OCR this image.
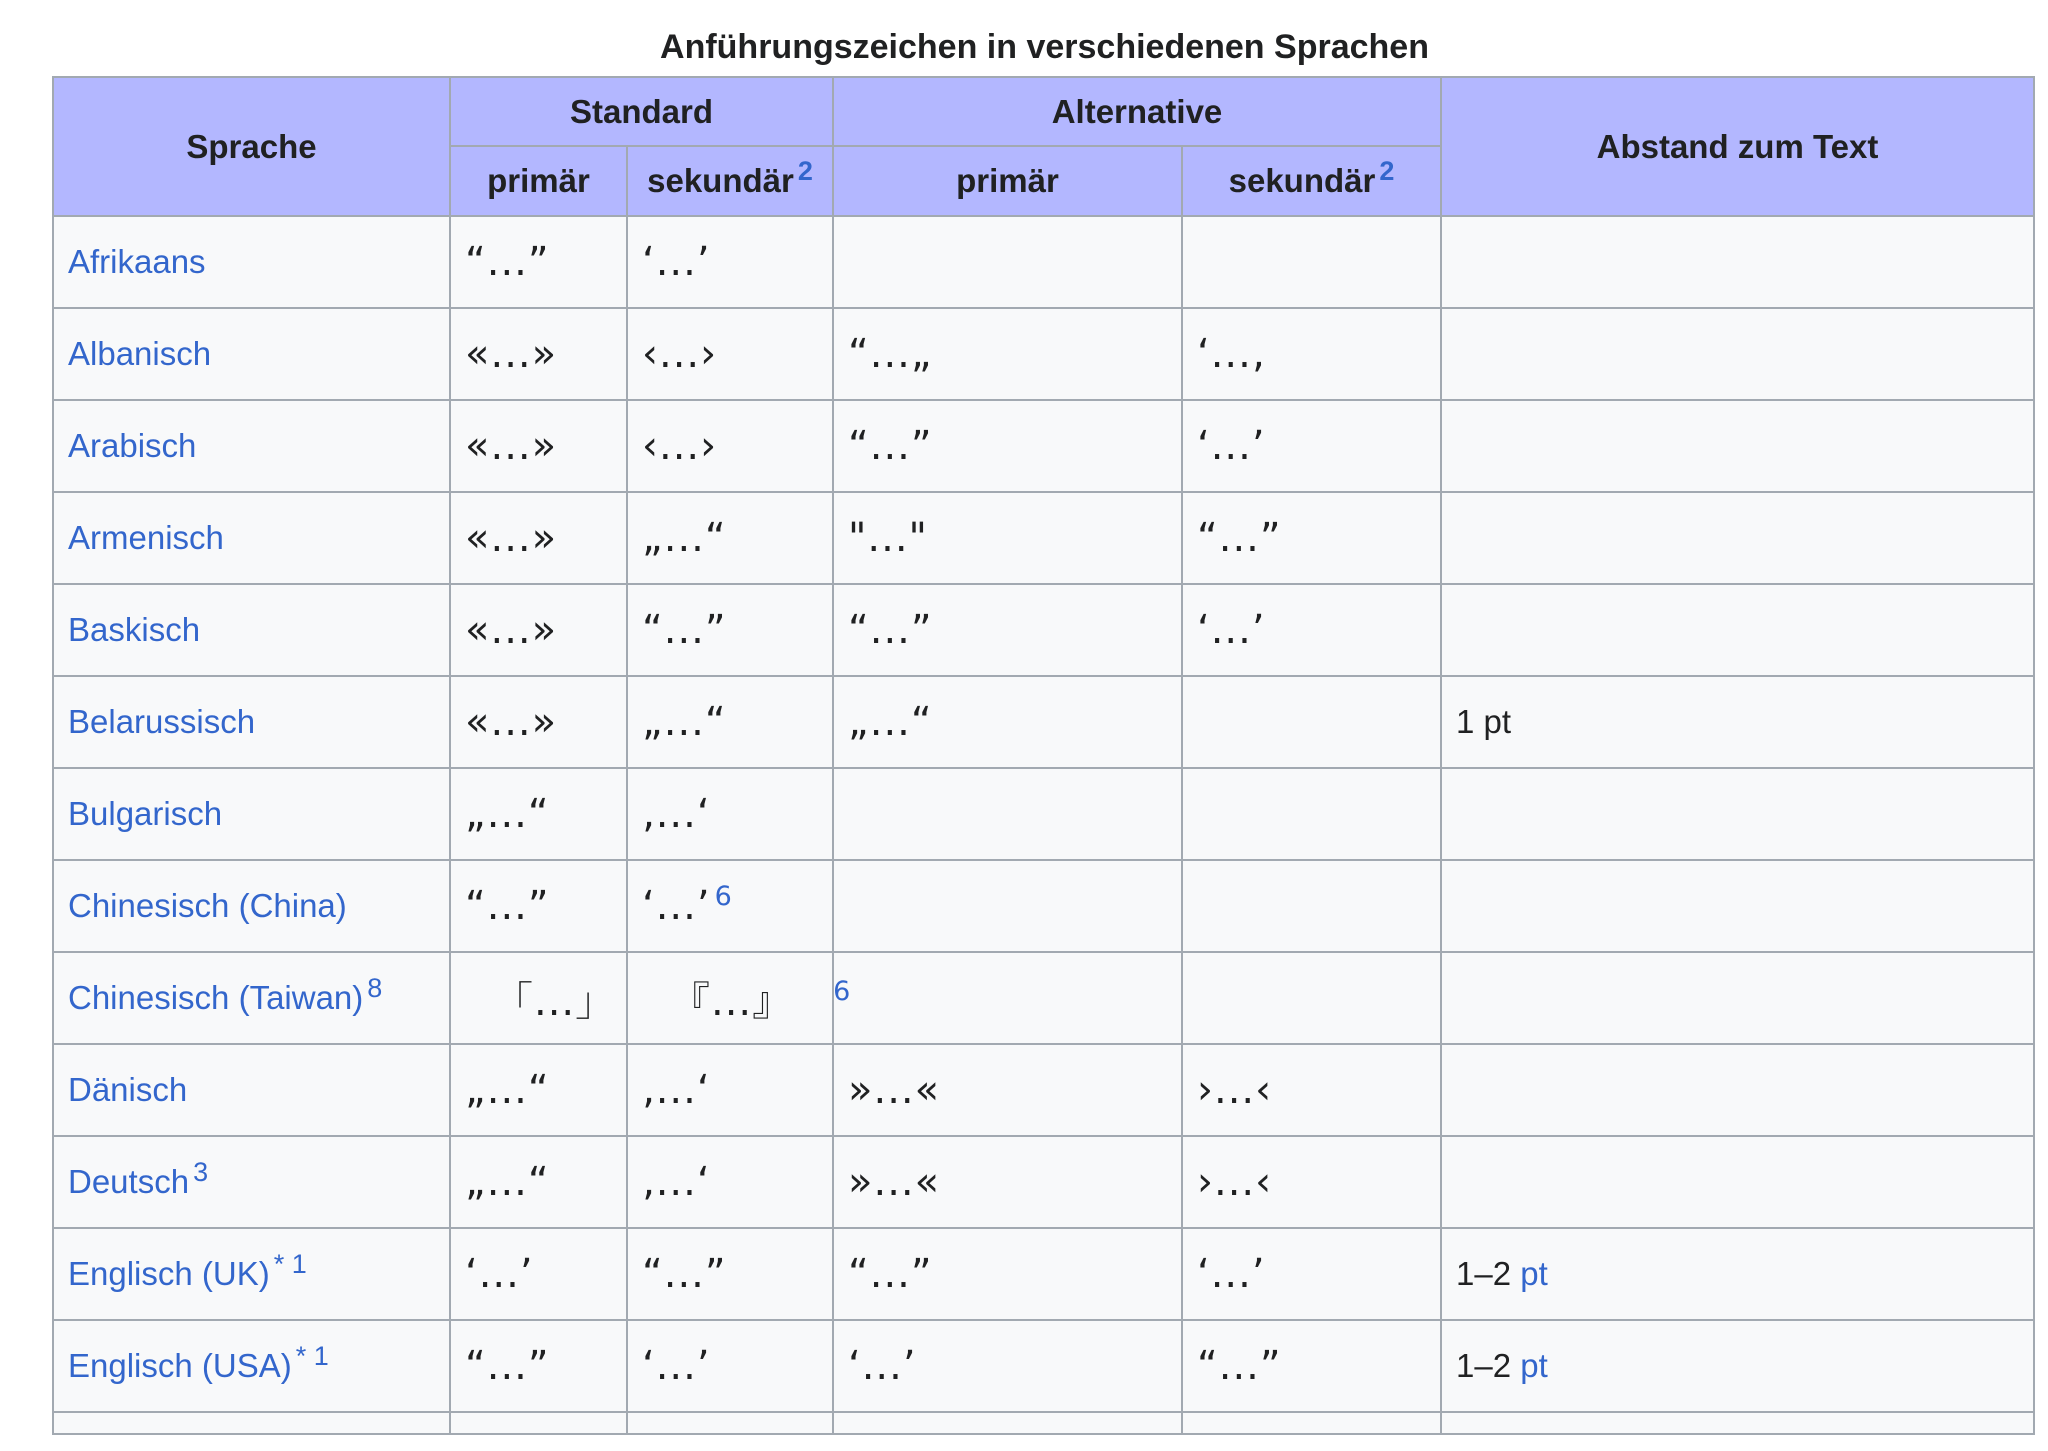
Anführungszeichen in verschiedenen Sprachen
Sprache	Standard		Alternative		Abstand zum Text
	primär	sekundär $^2$	primär	sekundär $^2$
Afrikaans	“...”	‘...’			
Albanisch	«...»	‹...›	“...„	‘...‚	
Arabisch	«...»	‹...›	“...”	‘...’	
Armenisch	«...»	„...“	"..."	“...”	
Baskisch	«...»	“...”	“...”	‘...’	
Belarussisch	«...»	„...“	„...“		1 pt
Bulgarisch	„...“	‚...‘			
Chinesisch (China)	“...”	‘...’ $^6$			
Chinesisch (Taiwan) $^8$	「...」	『...』 $^6$			
Dänisch	„...“	‚...‘	»...«	›...‹	
Deutsch $^3$	„...“	‚...‘	»...«	›...‹	
Englisch (UK) $^{* 1}$	‘...’	“...”	“...”	‘...’	1–2 pt
Englisch (USA) $^{* 1}$	“...”	‘...’	‘...’	“...”	1–2 pt
